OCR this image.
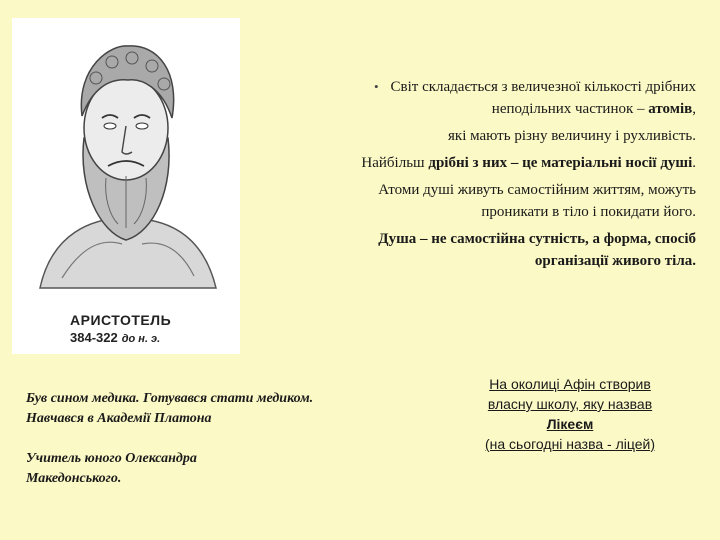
АРИСТОТЕЛЬ
384-322 до н. э.
• Світ складається з величезної кількості дрібних
неподільних частинок – атомів,
які мають різну величину і рухливість.
Найбільш дрібні з них – це матеріальні носії душі.
Атоми душі живуть самостійним життям, можуть
проникати в тіло і покидати його.
Душа – не самостійна сутність, а форма, спосіб
організації живого тіла.
Був сином медика. Готувався стати медиком.
Навчався в Академії Платона
Учитель юного Олександра
Македонського.
На околиці Афін створив
власну школу, яку назвав
Лікеєм
(на сьогодні назва - ліцей)
